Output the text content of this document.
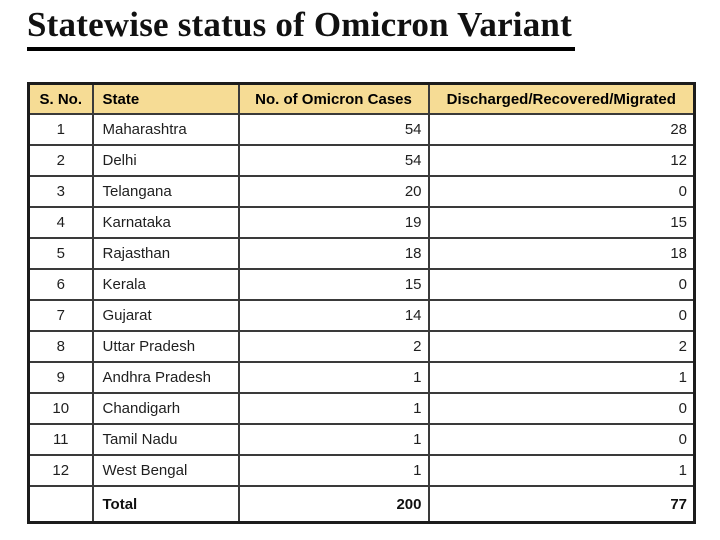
Statewise status of Omicron Variant
S. No.	State	No. of Omicron Cases	Discharged/Recovered/Migrated
1	Maharashtra	54	28
2	Delhi	54	12
3	Telangana	20	0
4	Karnataka	19	15
5	Rajasthan	18	18
6	Kerala	15	0
7	Gujarat	14	0
8	Uttar Pradesh	2	2
9	Andhra Pradesh	1	1
10	Chandigarh	1	0
11	Tamil Nadu	1	0
12	West Bengal	1	1
	Total	200	77
